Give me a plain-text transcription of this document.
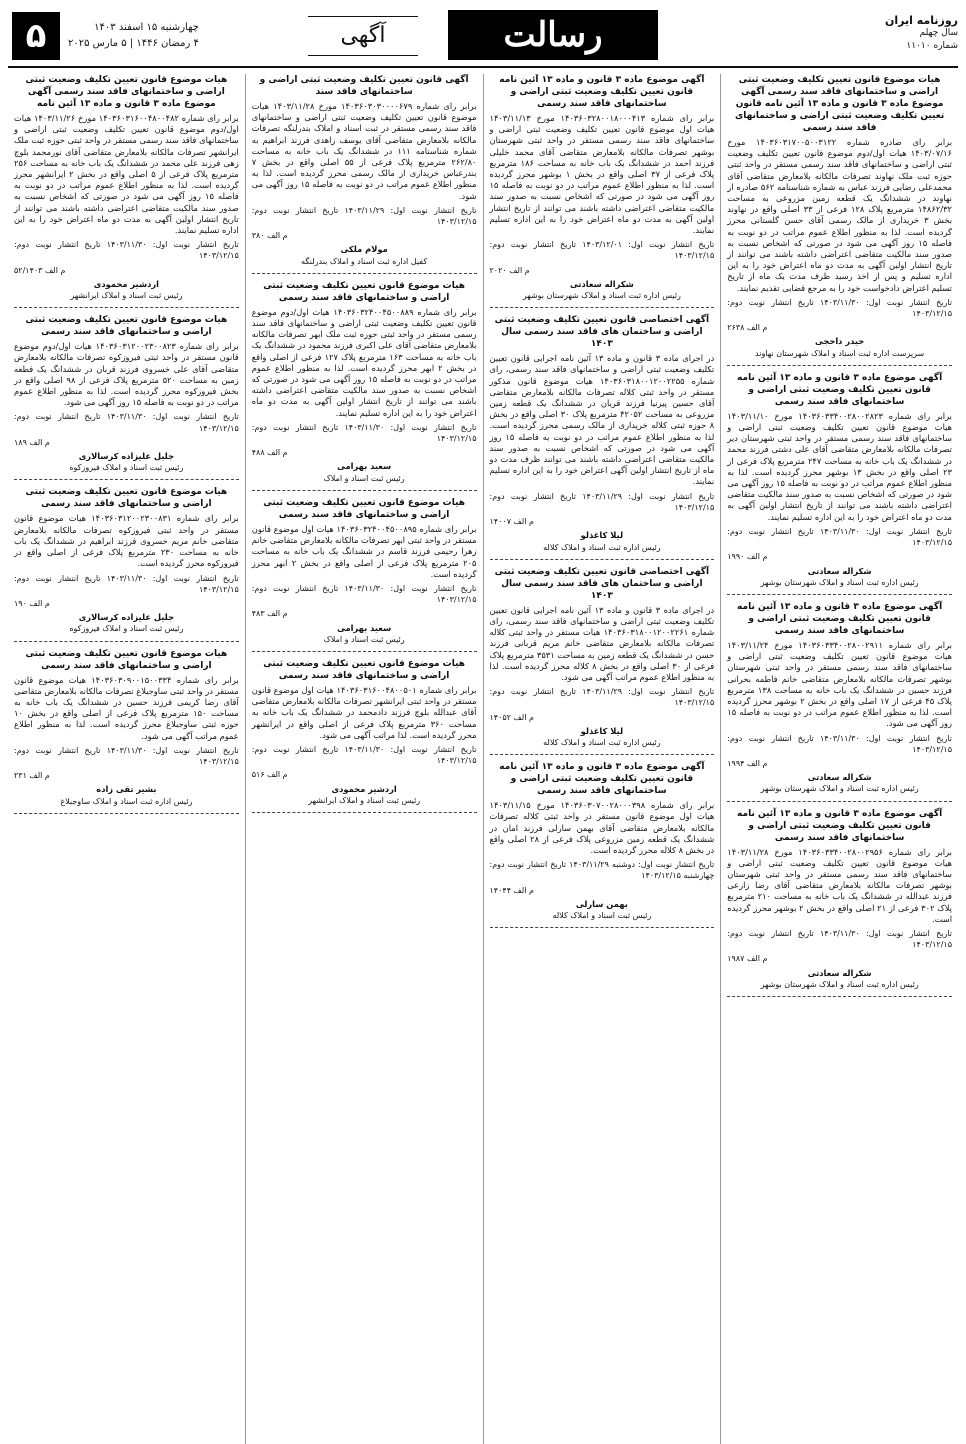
روزنامه ایران
سال چهلم
شماره ۱۱۰۱۰
رسالت
آگهی
چهارشنبه ۱۵ اسفند ۱۴۰۳
۴ رمضان ۱۴۴۶ | ۵ مارس ۲۰۲۵
۵
هیات موضوع قانون تعیین تکلیف وضعیت ثبتی اراضی و ساختمانهای فاقد سند رسمی آگهی موضوع ماده ۳ قانون و ماده ۱۳ آئین نامه قانون تعیین تکلیف وضعیت ثبتی اراضی و ساختمانهای فاقد سند رسمی

برابر رای صادره شماره ۱۴۰۳۶۰۳۱۷۰۰۵۰۰۳۱۲۲ مورخ ۱۴۰۳/۰۷/۱۶ هیات اول/دوم موضوع قانون تعیین تکلیف وضعیت ثبتی اراضی و ساختمانهای فاقد سند رسمی مستقر در واحد ثبتی حوزه ثبت ملک نهاوند تصرفات مالکانه بلامعارض متقاضی آقای محمدعلی رضایی فرزند عباس به شماره شناسنامه ۵۶۲ صادره از نهاوند در ششدانگ یک قطعه زمین مزروعی به مساحت ۱۴۸۶۲/۳۲ مترمربع پلاک ۱۲۸ فرعی از ۳۳ اصلی واقع در نهاوند بخش ۳ خریداری از مالک رسمی آقای حسن گلستانی محرز گردیده است. لذا به منظور اطلاع عموم مراتب در دو نوبت به فاصله ۱۵ روز آگهی می شود در صورتی که اشخاص نسبت به صدور سند مالکیت متقاضی اعتراضی داشته باشند می توانند از تاریخ انتشار اولین آگهی به مدت دو ماه اعتراض خود را به این اداره تسلیم و پس از اخذ رسید ظرف مدت یک ماه از تاریخ تسلیم اعتراض دادخواست خود را به مرجع قضایی تقدیم نمایند.

تاریخ انتشار نوبت اول: ۱۴۰۳/۱۱/۳۰ تاریخ انتشار نوبت دوم: ۱۴۰۳/۱۲/۱۵

م الف ۲۶۳۸

حیدر داحجی
سرپرست اداره ثبت اسناد و املاک شهرستان نهاوند
آگهی موضوع ماده ۳ قانون و ماده ۱۳ آئین نامه قانون تعیین تکلیف وضعیت ثبتی اراضی و ساختمانهای فاقد سند رسمی

برابر رای شماره ۱۴۰۳۶۰۳۳۴۰۰۲۸۰۰۲۸۲۳ مورخ ۱۴۰۳/۱۱/۱۰ هیات موضوع قانون تعیین تکلیف وضعیت ثبتی اراضی و ساختمانهای فاقد سند رسمی مستقر در واحد ثبتی شهرستان دیر تصرفات مالکانه بلامعارض متقاضی آقای علی دشتی فرزند محمد در ششدانگ یک باب خانه به مساحت ۲۴۷ مترمربع پلاک فرعی از ۲۳ اصلی واقع در بخش ۱۳ بوشهر محرز گردیده است. لذا به منظور اطلاع عموم مراتب در دو نوبت به فاصله ۱۵ روز آگهی می شود در صورتی که اشخاص نسبت به صدور سند مالکیت متقاضی اعتراضی داشته باشند می توانند از تاریخ انتشار اولین آگهی به مدت دو ماه اعتراض خود را به این اداره تسلیم نمایند.

تاریخ انتشار نوبت اول: ۱۴۰۳/۱۱/۳۰ تاریخ انتشار نوبت دوم: ۱۴۰۳/۱۲/۱۵

م الف ۱۹۹۰

شکراله سعادتی
رئیس اداره ثبت اسناد و املاک شهرستان بوشهر
آگهی موضوع ماده ۳ قانون و ماده ۱۳ آئین نامه قانون تعیین تکلیف وضعیت ثبتی اراضی و ساختمانهای فاقد سند رسمی

برابر رای شماره ۱۴۰۳۶۰۳۳۴۰۰۲۸۰۰۲۹۱۱ مورخ ۱۴۰۳/۱۱/۲۴ هیات موضوع قانون تعیین تکلیف وضعیت ثبتی اراضی و ساختمانهای فاقد سند رسمی مستقر در واحد ثبتی شهرستان بوشهر تصرفات مالکانه بلامعارض متقاضی خانم فاطمه بحرانی فرزند حسین در ششدانگ یک باب خانه به مساحت ۱۳۸ مترمربع پلاک ۴۵ فرعی از ۱۷ اصلی واقع در بخش ۲ بوشهر محرز گردیده است. لذا به منظور اطلاع عموم مراتب در دو نوبت به فاصله ۱۵ روز آگهی می شود.

تاریخ انتشار نوبت اول: ۱۴۰۳/۱۱/۳۰ تاریخ انتشار نوبت دوم: ۱۴۰۳/۱۲/۱۵

م الف ۱۹۹۴

شکراله سعادتی
رئیس اداره ثبت اسناد و املاک شهرستان بوشهر
آگهی موضوع ماده ۳ قانون و ماده ۱۳ آئین نامه قانون تعیین تکلیف وضعیت ثبتی اراضی و ساختمانهای فاقد سند رسمی

برابر رای شماره ۱۴۰۳۶۰۳۳۴۰۰۲۸۰۰۲۹۵۶ مورخ ۱۴۰۳/۱۱/۲۸ هیات موضوع قانون تعیین تکلیف وضعیت ثبتی اراضی و ساختمانهای فاقد سند رسمی مستقر در واحد ثبتی شهرستان بوشهر تصرفات مالکانه بلامعارض متقاضی آقای رضا زارعی فرزند عبدالله در ششدانگ یک باب خانه به مساحت ۲۱۰ مترمربع پلاک ۳۰۲ فرعی از ۲۱ اصلی واقع در بخش ۲ بوشهر محرز گردیده است.

تاریخ انتشار نوبت اول: ۱۴۰۳/۱۱/۳۰ تاریخ انتشار نوبت دوم: ۱۴۰۳/۱۲/۱۵

م الف ۱۹۸۷

شکراله سعادتی
رئیس اداره ثبت اسناد و املاک شهرستان بوشهر
آگهی موضوع ماده ۳ قانون و ماده ۱۳ آئین نامه قانون تعیین تکلیف وضعیت ثبتی اراضی و ساختمانهای فاقد سند رسمی

برابر رای شماره ۱۴۰۳۶۰۳۲۸۰۰۱۸۰۰۰۴۱۳ مورخ ۱۴۰۳/۱۱/۱۳ هیات اول موضوع قانون تعیین تکلیف وضعیت ثبتی اراضی و ساختمانهای فاقد سند رسمی مستقر در واحد ثبتی شهرستان بوشهر تصرفات مالکانه بلامعارض متقاضی آقای محمد خلیلی فرزند احمد در ششدانگ یک باب خانه به مساحت ۱۸۶ مترمربع پلاک فرعی از ۳۷ اصلی واقع در بخش ۱ بوشهر محرز گردیده است. لذا به منظور اطلاع عموم مراتب در دو نوبت به فاصله ۱۵ روز آگهی می شود در صورتی که اشخاص نسبت به صدور سند مالکیت متقاضی اعتراضی داشته باشند می توانند از تاریخ انتشار اولین آگهی به مدت دو ماه اعتراض خود را به این اداره تسلیم نمایند.

تاریخ انتشار نوبت اول: ۱۴۰۳/۱۲/۰۱ تاریخ انتشار نوبت دوم: ۱۴۰۳/۱۲/۱۵

م الف ۲۰۲۰

شکراله سعادتی
رئیس اداره ثبت اسناد و املاک شهرستان بوشهر
آگهی اختصاصی قانون تعیین تکلیف وضعیت ثبتی اراضی و ساختمان های فاقد سند رسمی سال ۱۴۰۳

در اجرای ماده ۳ قانون و ماده ۱۳ آئین نامه اجرایی قانون تعیین تکلیف وضعیت ثبتی اراضی و ساختمانهای فاقد سند رسمی، رای شماره ۱۴۰۳۶۰۳۱۸۰۰۱۲۰۰۲۲۵۵ هیات موضوع قانون مذکور مستقر در واحد ثبتی کلاله تصرفات مالکانه بلامعارض متقاضی آقای حسین پیرنیا فرزند قربان در ششدانگ یک قطعه زمین مزروعی به مساحت ۴۲۰۵۲ مترمربع پلاک ۳۰ اصلی واقع در بخش ۸ حوزه ثبتی کلاله خریداری از مالک رسمی محرز گردیده است. لذا به منظور اطلاع عموم مراتب در دو نوبت به فاصله ۱۵ روز آگهی می شود در صورتی که اشخاص نسبت به صدور سند مالکیت متقاضی اعتراضی داشته باشند می توانند ظرف مدت دو ماه از تاریخ انتشار اولین آگهی اعتراض خود را به این اداره تسلیم نمایند.

تاریخ انتشار نوبت اول: ۱۴۰۳/۱۱/۲۹ تاریخ انتشار نوبت دوم: ۱۴۰۳/۱۲/۱۵

م الف ۱۴۰۰۷

لیلا کاغذلو
رئیس اداره ثبت اسناد و املاک کلاله
آگهی اختصاصی قانون تعیین تکلیف وضعیت ثبتی اراضی و ساختمان های فاقد سند رسمی سال ۱۴۰۳

در اجرای ماده ۳ قانون و ماده ۱۳ آئین نامه اجرایی قانون تعیین تکلیف وضعیت ثبتی اراضی و ساختمانهای فاقد سند رسمی، رای شماره ۱۴۰۳۶۰۳۱۸۰۰۱۲۰۰۲۲۶۱ هیات مستقر در واحد ثبتی کلاله تصرفات مالکانه بلامعارض متقاضی خانم مریم قربانی فرزند حسن در ششدانگ یک قطعه زمین به مساحت ۳۵۳۱ مترمربع پلاک فرعی از ۳۰ اصلی واقع در بخش ۸ کلاله محرز گردیده است. لذا به منظور اطلاع عموم مراتب آگهی می شود.

تاریخ انتشار نوبت اول: ۱۴۰۳/۱۱/۲۹ تاریخ انتشار نوبت دوم: ۱۴۰۳/۱۲/۱۵

م الف ۱۴۰۵۲

لیلا کاغذلو
رئیس اداره ثبت اسناد و املاک کلاله
آگهی موضوع ماده ۳ قانون و ماده ۱۳ آئین نامه قانون تعیین تکلیف وضعیت ثبتی اراضی و ساختمانهای فاقد سند رسمی

برابر رای شماره ۱۴۰۳۶۰۳۰۷۰۰۲۸۰۰۰۳۹۸ مورخ ۱۴۰۳/۱۱/۱۵ هیات اول موضوع قانون مستقر در واحد ثبتی کلاله تصرفات مالکانه بلامعارض متقاضی آقای بهمن سارلی فرزند امان در ششدانگ یک قطعه زمین مزروعی پلاک فرعی از ۲۸ اصلی واقع در بخش ۸ کلاله محرز گردیده است.

تاریخ انتشار نوبت اول: دوشنبه ۱۴۰۳/۱۱/۲۹ تاریخ انتشار نوبت دوم: چهارشنبه ۱۴۰۳/۱۲/۱۵

م الف ۱۴۰۴۴

بهمن سارلی
رئیس ثبت اسناد و املاک کلاله
آگهی قانون تعیین تکلیف وضعیت ثبتی اراضی و ساختمانهای فاقد سند

برابر رای شماره ۱۴۰۳۶۰۳۰۳۰۰۰۰۶۷۹ مورخ ۱۴۰۳/۱۱/۲۸ هیات موضوع قانون تعیین تکلیف وضعیت ثبتی اراضی و ساختمانهای فاقد سند رسمی مستقر در ثبت اسناد و املاک بندرلنگه تصرفات مالکانه بلامعارض متقاضی آقای یوسف زاهدی فرزند ابراهیم به شماره شناسنامه ۱۱۱ در ششدانگ یک باب خانه به مساحت ۲۶۲/۸۰ مترمربع پلاک فرعی از ۵۵ اصلی واقع در بخش ۷ بندرعباس خریداری از مالک رسمی محرز گردیده است. لذا به منظور اطلاع عموم مراتب در دو نوبت به فاصله ۱۵ روز آگهی می شود.

تاریخ انتشار نوبت اول: ۱۴۰۳/۱۱/۲۹ تاریخ انتشار نوبت دوم: ۱۴۰۳/۱۲/۱۵

م الف ۳۸۰

مولام ملکی
کفیل اداره ثبت اسناد و املاک بندرلنگه
هیات موضوع قانون تعیین تکلیف وضعیت ثبتی اراضی و ساختمانهای فاقد سند رسمی

برابر رای شماره ۱۴۰۳۶۰۳۲۴۰۰۴۵۰۰۸۸۹ هیات اول/دوم موضوع قانون تعیین تکلیف وضعیت ثبتی اراضی و ساختمانهای فاقد سند رسمی مستقر در واحد ثبتی حوزه ثبت ملک ابهر تصرفات مالکانه بلامعارض متقاضی آقای علی اکبری فرزند محمود در ششدانگ یک باب خانه به مساحت ۱۶۳ مترمربع پلاک ۱۲۷ فرعی از اصلی واقع در بخش ۲ ابهر محرز گردیده است. لذا به منظور اطلاع عموم مراتب در دو نوبت به فاصله ۱۵ روز آگهی می شود در صورتی که اشخاص نسبت به صدور سند مالکیت متقاضی اعتراضی داشته باشند می توانند از تاریخ انتشار اولین آگهی به مدت دو ماه اعتراض خود را به این اداره تسلیم نمایند.

تاریخ انتشار نوبت اول: ۱۴۰۳/۱۱/۳۰ تاریخ انتشار نوبت دوم: ۱۴۰۳/۱۲/۱۵

م الف ۴۸۸

سعید بهرامی
رئیس ثبت اسناد و املاک
هیات موضوع قانون تعیین تکلیف وضعیت ثبتی اراضی و ساختمانهای فاقد سند رسمی

برابر رای شماره ۱۴۰۳۶۰۳۲۴۰۰۴۵۰۰۸۹۵ هیات اول موضوع قانون مستقر در واحد ثبتی ابهر تصرفات مالکانه بلامعارض متقاضی خانم زهرا رحیمی فرزند قاسم در ششدانگ یک باب خانه به مساحت ۲۰۵ مترمربع پلاک فرعی از اصلی واقع در بخش ۲ ابهر محرز گردیده است.

تاریخ انتشار نوبت اول: ۱۴۰۳/۱۱/۳۰ تاریخ انتشار نوبت دوم: ۱۴۰۳/۱۲/۱۵

م الف ۴۸۳

سعید بهرامی
رئیس ثبت اسناد و املاک
هیات موضوع قانون تعیین تکلیف وضعیت ثبتی اراضی و ساختمانهای فاقد سند رسمی

برابر رای شماره ۱۴۰۳۶۰۳۱۶۰۰۴۸۰۰۵۰۱ هیات اول موضوع قانون مستقر در واحد ثبتی ایرانشهر تصرفات مالکانه بلامعارض متقاضی آقای عبدالله بلوچ فرزند دادمحمد در ششدانگ یک باب خانه به مساحت ۳۶۰ مترمربع پلاک فرعی از اصلی واقع در ایرانشهر محرز گردیده است. لذا مراتب آگهی می شود.

تاریخ انتشار نوبت اول: ۱۴۰۳/۱۱/۳۰ تاریخ انتشار نوبت دوم: ۱۴۰۳/۱۲/۱۵

م الف ۵۱۶

اردشیر محمودی
رئیس ثبت اسناد و املاک ایرانشهر
هیات موضوع قانون تعیین تکلیف وضعیت ثبتی اراضی و ساختمانهای فاقد سند رسمی آگهی موضوع ماده ۳ قانون و ماده ۱۳ آئین نامه

برابر رای شماره ۱۴۰۳۶۰۳۱۶۰۰۴۸۰۰۴۸۲ مورخ ۱۴۰۳/۱۱/۲۶ هیات اول/دوم موضوع قانون تعیین تکلیف وضعیت ثبتی اراضی و ساختمانهای فاقد سند رسمی مستقر در واحد ثبتی حوزه ثبت ملک ایرانشهر تصرفات مالکانه بلامعارض متقاضی آقای نورمحمد بلوچ زهی فرزند علی محمد در ششدانگ یک باب خانه به مساحت ۲۵۶ مترمربع پلاک فرعی از ۵ اصلی واقع در بخش ۲ ایرانشهر محرز گردیده است. لذا به منظور اطلاع عموم مراتب در دو نوبت به فاصله ۱۵ روز آگهی می شود در صورتی که اشخاص نسبت به صدور سند مالکیت متقاضی اعتراضی داشته باشند می توانند از تاریخ انتشار اولین آگهی به مدت دو ماه اعتراض خود را به این اداره تسلیم نمایند.

تاریخ انتشار نوبت اول: ۱۴۰۳/۱۱/۳۰ تاریخ انتشار نوبت دوم: ۱۴۰۳/۱۲/۱۵

م الف ۵۲/۱۴۰۳

اردشیر محمودی
رئیس ثبت اسناد و املاک ایرانشهر
هیات موضوع قانون تعیین تکلیف وضعیت ثبتی اراضی و ساختمانهای فاقد سند رسمی

برابر رای شماره ۱۴۰۳۶۰۳۱۲۰۰۲۳۰۰۸۲۳ هیات اول/دوم موضوع قانون مستقر در واحد ثبتی فیروزکوه تصرفات مالکانه بلامعارض متقاضی آقای علی خسروی فرزند قربان در ششدانگ یک قطعه زمین به مساحت ۵۲۰ مترمربع پلاک فرعی از ۹۸ اصلی واقع در بخش فیروزکوه محرز گردیده است. لذا به منظور اطلاع عموم مراتب در دو نوبت به فاصله ۱۵ روز آگهی می شود.

تاریخ انتشار نوبت اول: ۱۴۰۳/۱۱/۳۰ تاریخ انتشار نوبت دوم: ۱۴۰۳/۱۲/۱۵

م الف ۱۸۹

جلیل علیزاده کرسالاری
رئیس ثبت اسناد و املاک فیروزکوه
هیات موضوع قانون تعیین تکلیف وضعیت ثبتی اراضی و ساختمانهای فاقد سند رسمی

برابر رای شماره ۱۴۰۳۶۰۳۱۲۰۰۲۳۰۰۸۳۱ هیات موضوع قانون مستقر در واحد ثبتی فیروزکوه تصرفات مالکانه بلامعارض متقاضی خانم مریم خسروی فرزند ابراهیم در ششدانگ یک باب خانه به مساحت ۲۳۰ مترمربع پلاک فرعی از اصلی واقع در فیروزکوه محرز گردیده است.

تاریخ انتشار نوبت اول: ۱۴۰۳/۱۱/۳۰ تاریخ انتشار نوبت دوم: ۱۴۰۳/۱۲/۱۵

م الف ۱۹۰

جلیل علیزاده کرسالاری
رئیس ثبت اسناد و املاک فیروزکوه
هیات موضوع قانون تعیین تکلیف وضعیت ثبتی اراضی و ساختمانهای فاقد سند رسمی

برابر رای شماره ۱۴۰۳۶۰۳۰۹۰۰۱۵۰۰۳۳۴ هیات موضوع قانون مستقر در واحد ثبتی ساوجبلاغ تصرفات مالکانه بلامعارض متقاضی آقای رضا کریمی فرزند حسین در ششدانگ یک باب خانه به مساحت ۱۵۰ مترمربع پلاک فرعی از اصلی واقع در بخش ۱۰ حوزه ثبتی ساوجبلاغ محرز گردیده است. لذا به منظور اطلاع عموم مراتب آگهی می شود.

تاریخ انتشار نوبت اول: ۱۴۰۳/۱۱/۳۰ تاریخ انتشار نوبت دوم: ۱۴۰۳/۱۲/۱۵

م الف ۲۳۱

بشیر تقی زاده
رئیس اداره ثبت اسناد و املاک ساوجبلاغ
